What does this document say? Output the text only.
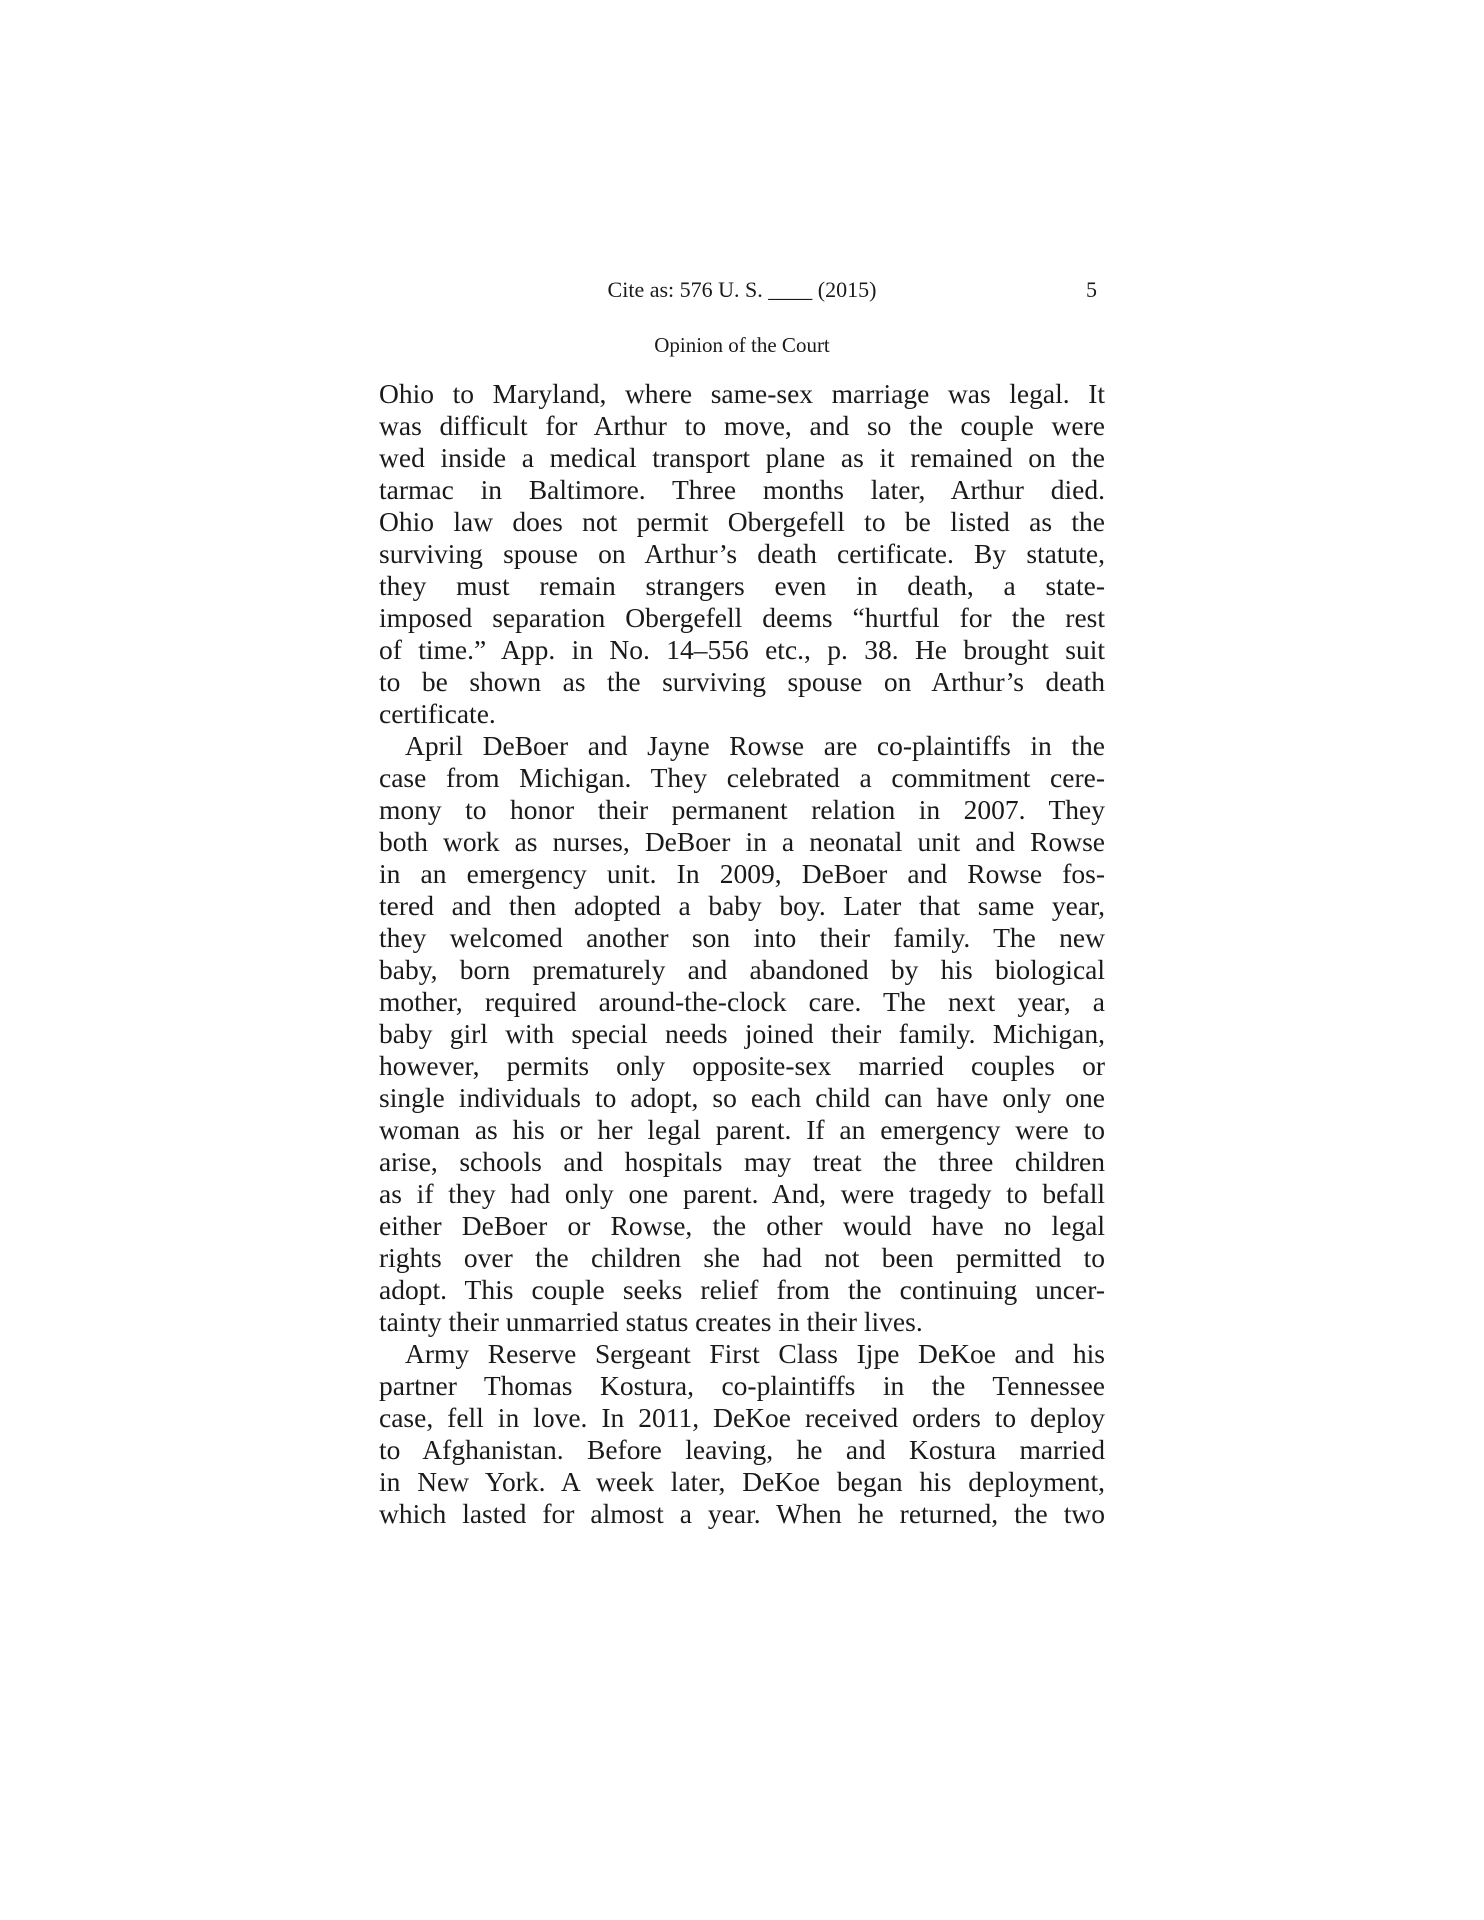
Cite as: 576 U. S. ____ (2015)	5
Opinion of the Court
Ohio to Maryland, where same-sex marriage was legal. It
was difficult for Arthur to move, and so the couple were
wed inside a medical transport plane as it remained on the
tarmac in Baltimore. Three months later, Arthur died.
Ohio law does not permit Obergefell to be listed as the
surviving spouse on Arthur’s death certificate. By statute,
they must remain strangers even in death, a state-
imposed separation Obergefell deems “hurtful for the rest
of time.” App. in No. 14–556 etc., p. 38. He brought suit
to be shown as the surviving spouse on Arthur’s death
certificate.
April DeBoer and Jayne Rowse are co-plaintiffs in the
case from Michigan. They celebrated a commitment cere-
mony to honor their permanent relation in 2007. They
both work as nurses, DeBoer in a neonatal unit and Rowse
in an emergency unit. In 2009, DeBoer and Rowse fos-
tered and then adopted a baby boy. Later that same year,
they welcomed another son into their family. The new
baby, born prematurely and abandoned by his biological
mother, required around-the-clock care. The next year, a
baby girl with special needs joined their family. Michigan,
however, permits only opposite-sex married couples or
single individuals to adopt, so each child can have only one
woman as his or her legal parent. If an emergency were to
arise, schools and hospitals may treat the three children
as if they had only one parent. And, were tragedy to befall
either DeBoer or Rowse, the other would have no legal
rights over the children she had not been permitted to
adopt. This couple seeks relief from the continuing uncer-
tainty their unmarried status creates in their lives.
Army Reserve Sergeant First Class Ijpe DeKoe and his
partner Thomas Kostura, co-plaintiffs in the Tennessee
case, fell in love. In 2011, DeKoe received orders to deploy
to Afghanistan. Before leaving, he and Kostura married
in New York. A week later, DeKoe began his deployment,
which lasted for almost a year. When he returned, the two
